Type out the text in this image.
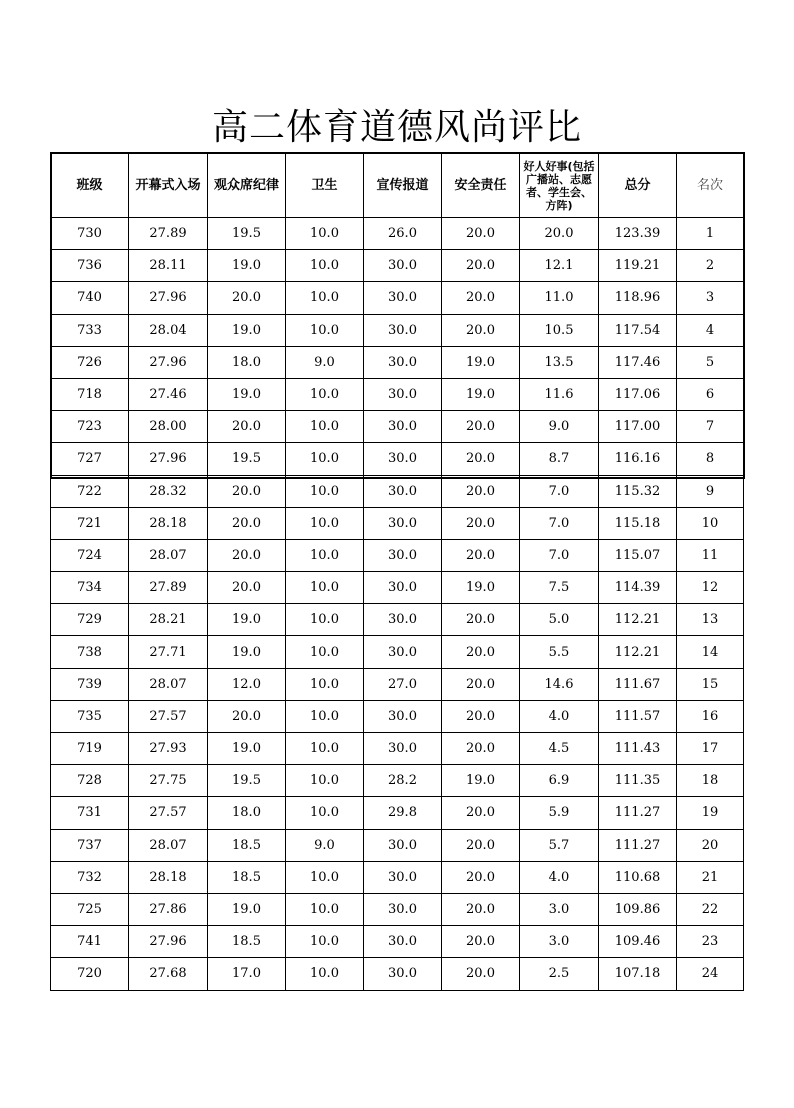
高二体育道德风尚评比
班级	开幕式入场	观众席纪律	卫生	宣传报道	安全责任	好人好事(包括广播站、志愿者、学生会、方阵)	总分	名次
730	27.89	19.5	10.0	26.0	20.0	20.0	123.39	1
736	28.11	19.0	10.0	30.0	20.0	12.1	119.21	2
740	27.96	20.0	10.0	30.0	20.0	11.0	118.96	3
733	28.04	19.0	10.0	30.0	20.0	10.5	117.54	4
726	27.96	18.0	9.0	30.0	19.0	13.5	117.46	5
718	27.46	19.0	10.0	30.0	19.0	11.6	117.06	6
723	28.00	20.0	10.0	30.0	20.0	9.0	117.00	7
727	27.96	19.5	10.0	30.0	20.0	8.7	116.16	8
722	28.32	20.0	10.0	30.0	20.0	7.0	115.32	9
721	28.18	20.0	10.0	30.0	20.0	7.0	115.18	10
724	28.07	20.0	10.0	30.0	20.0	7.0	115.07	11
734	27.89	20.0	10.0	30.0	19.0	7.5	114.39	12
729	28.21	19.0	10.0	30.0	20.0	5.0	112.21	13
738	27.71	19.0	10.0	30.0	20.0	5.5	112.21	14
739	28.07	12.0	10.0	27.0	20.0	14.6	111.67	15
735	27.57	20.0	10.0	30.0	20.0	4.0	111.57	16
719	27.93	19.0	10.0	30.0	20.0	4.5	111.43	17
728	27.75	19.5	10.0	28.2	19.0	6.9	111.35	18
731	27.57	18.0	10.0	29.8	20.0	5.9	111.27	19
737	28.07	18.5	9.0	30.0	20.0	5.7	111.27	20
732	28.18	18.5	10.0	30.0	20.0	4.0	110.68	21
725	27.86	19.0	10.0	30.0	20.0	3.0	109.86	22
741	27.96	18.5	10.0	30.0	20.0	3.0	109.46	23
720	27.68	17.0	10.0	30.0	20.0	2.5	107.18	24
